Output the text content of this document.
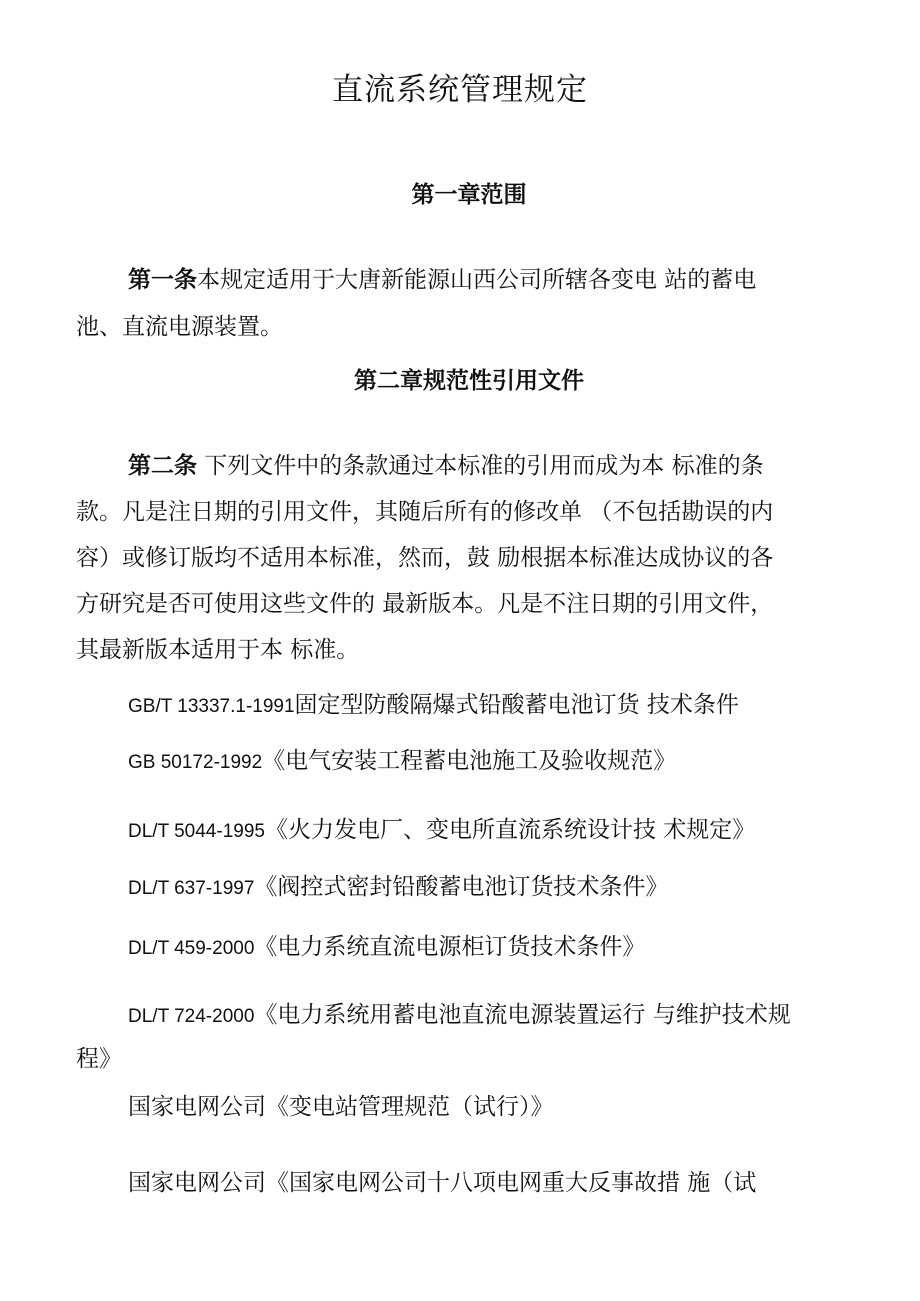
直流系统管理规定
第一章范围
第一条本规定适用于大唐新能源山西公司所辖各变电 站的蓄电
池、直流电源装置。
第二章规范性引用文件
第二条 下列文件中的条款通过本标准的引用而成为本 标准的条
款。凡是注日期的引用文件，其随后所有的修改单 （不包括勘误的内
容）或修订版均不适用本标准，然而，鼓 励根据本标准达成协议的各
方研究是否可使用这些文件的 最新版本。凡是不注日期的引用文件，
其最新版本适用于本 标准。
GB/T 13337.1-1991固定型防酸隔爆式铅酸蓄电池订货 技术条件
GB 50172-1992《电气安装工程蓄电池施工及验收规范》
DL/T 5044-1995《火力发电厂、变电所直流系统设计技 术规定》
DL/T 637-1997《阀控式密封铅酸蓄电池订货技术条件》
DL/T 459-2000《电力系统直流电源柜订货技术条件》
DL/T 724-2000《电力系统用蓄电池直流电源装置运行 与维护技术规
程》
国家电网公司《变电站管理规范（试行）》
国家电网公司《国家电网公司十八项电网重大反事故措 施（试
